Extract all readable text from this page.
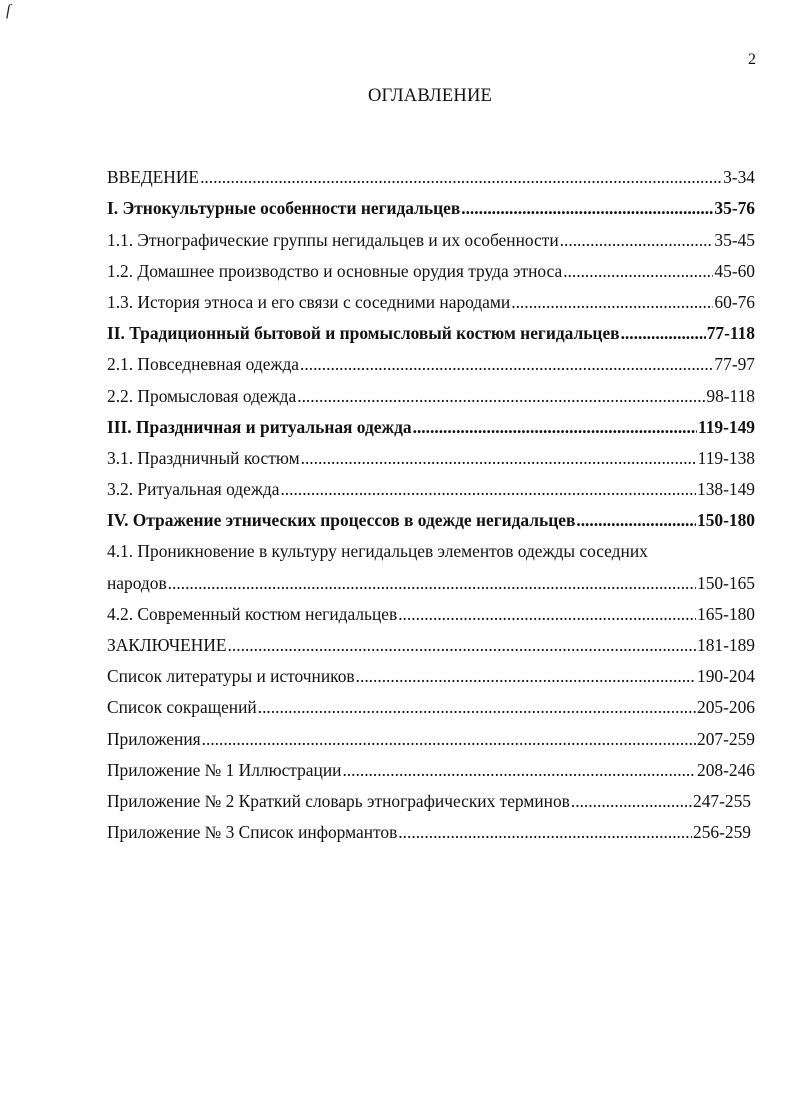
ſ
2
ОГЛАВЛЕНИЕ
ВВЕДЕНИЕ .....	3-34
I. Этнокультурные особенности негидальцев .....	35-76
1.1. Этнографические группы негидальцев и их особенности .....	35-45
1.2. Домашнее производство и основные орудия труда этноса .....	45-60
1.3. История этноса и его связи с соседними народами .....	60-76
II. Традиционный бытовой и промысловый костюм негидальцев .....	77-118
2.1. Повседневная одежда .....	77-97
2.2. Промысловая одежда .....	98-118
III. Праздничная и ритуальная одежда .....	119-149
3.1. Праздничный костюм .....	119-138
3.2. Ритуальная одежда .....	138-149
IV. Отражение этнических процессов в одежде негидальцев .....	150-180
4.1. Проникновение в культуру негидальцев элементов одежды соседних
народов .....	150-165
4.2. Современный костюм негидальцев .....	165-180
ЗАКЛЮЧЕНИЕ .....	181-189
Список литературы и источников .....	190-204
Список сокращений .....	205-206
Приложения .....	207-259
Приложение № 1 Иллюстрации .....	208-246
Приложение № 2 Краткий словарь этнографических терминов .....	247-255
Приложение № 3 Список информантов .....	256-259
